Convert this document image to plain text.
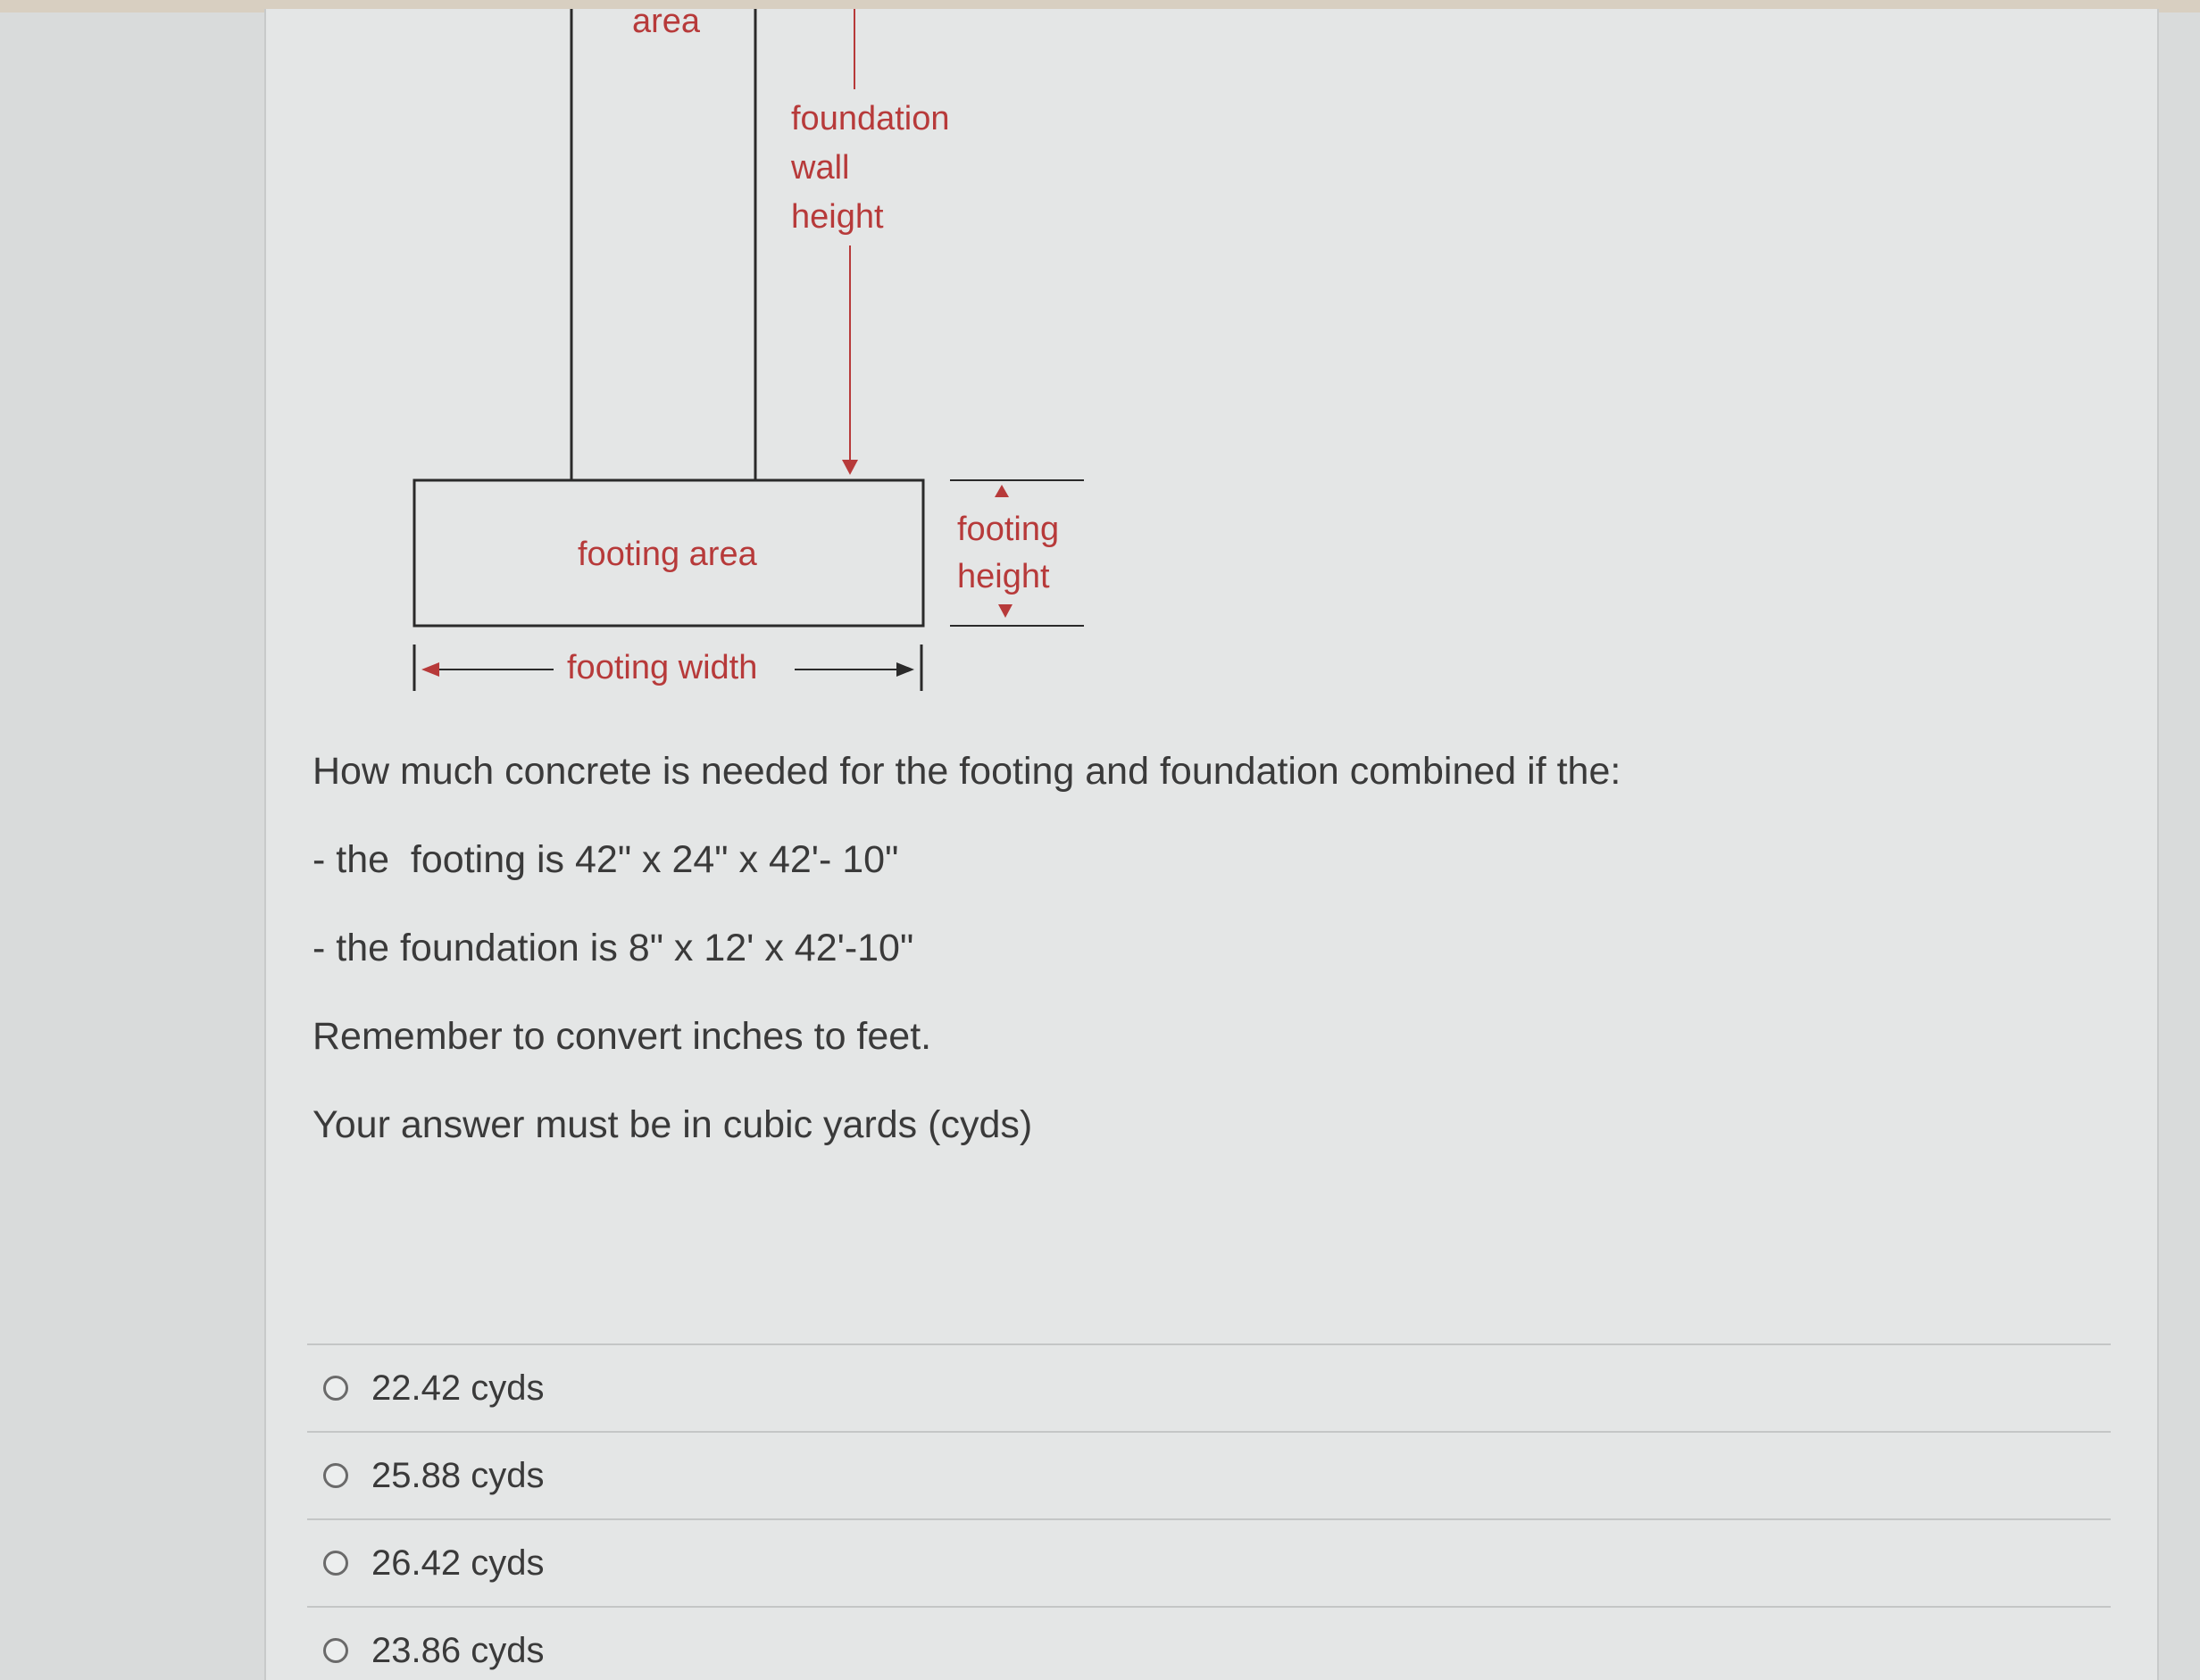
area
foundation
wall
height
footing area
footing
height
footing width

How much concrete is needed for the footing and foundation combined if the:

- the  footing is 42" x 24" x 42'- 10"

- the foundation is 8" x 12' x 42'-10"

Remember to convert inches to feet.

Your answer must be in cubic yards (cyds)

22.42 cyds
25.88 cyds
26.42 cyds
23.86 cyds
